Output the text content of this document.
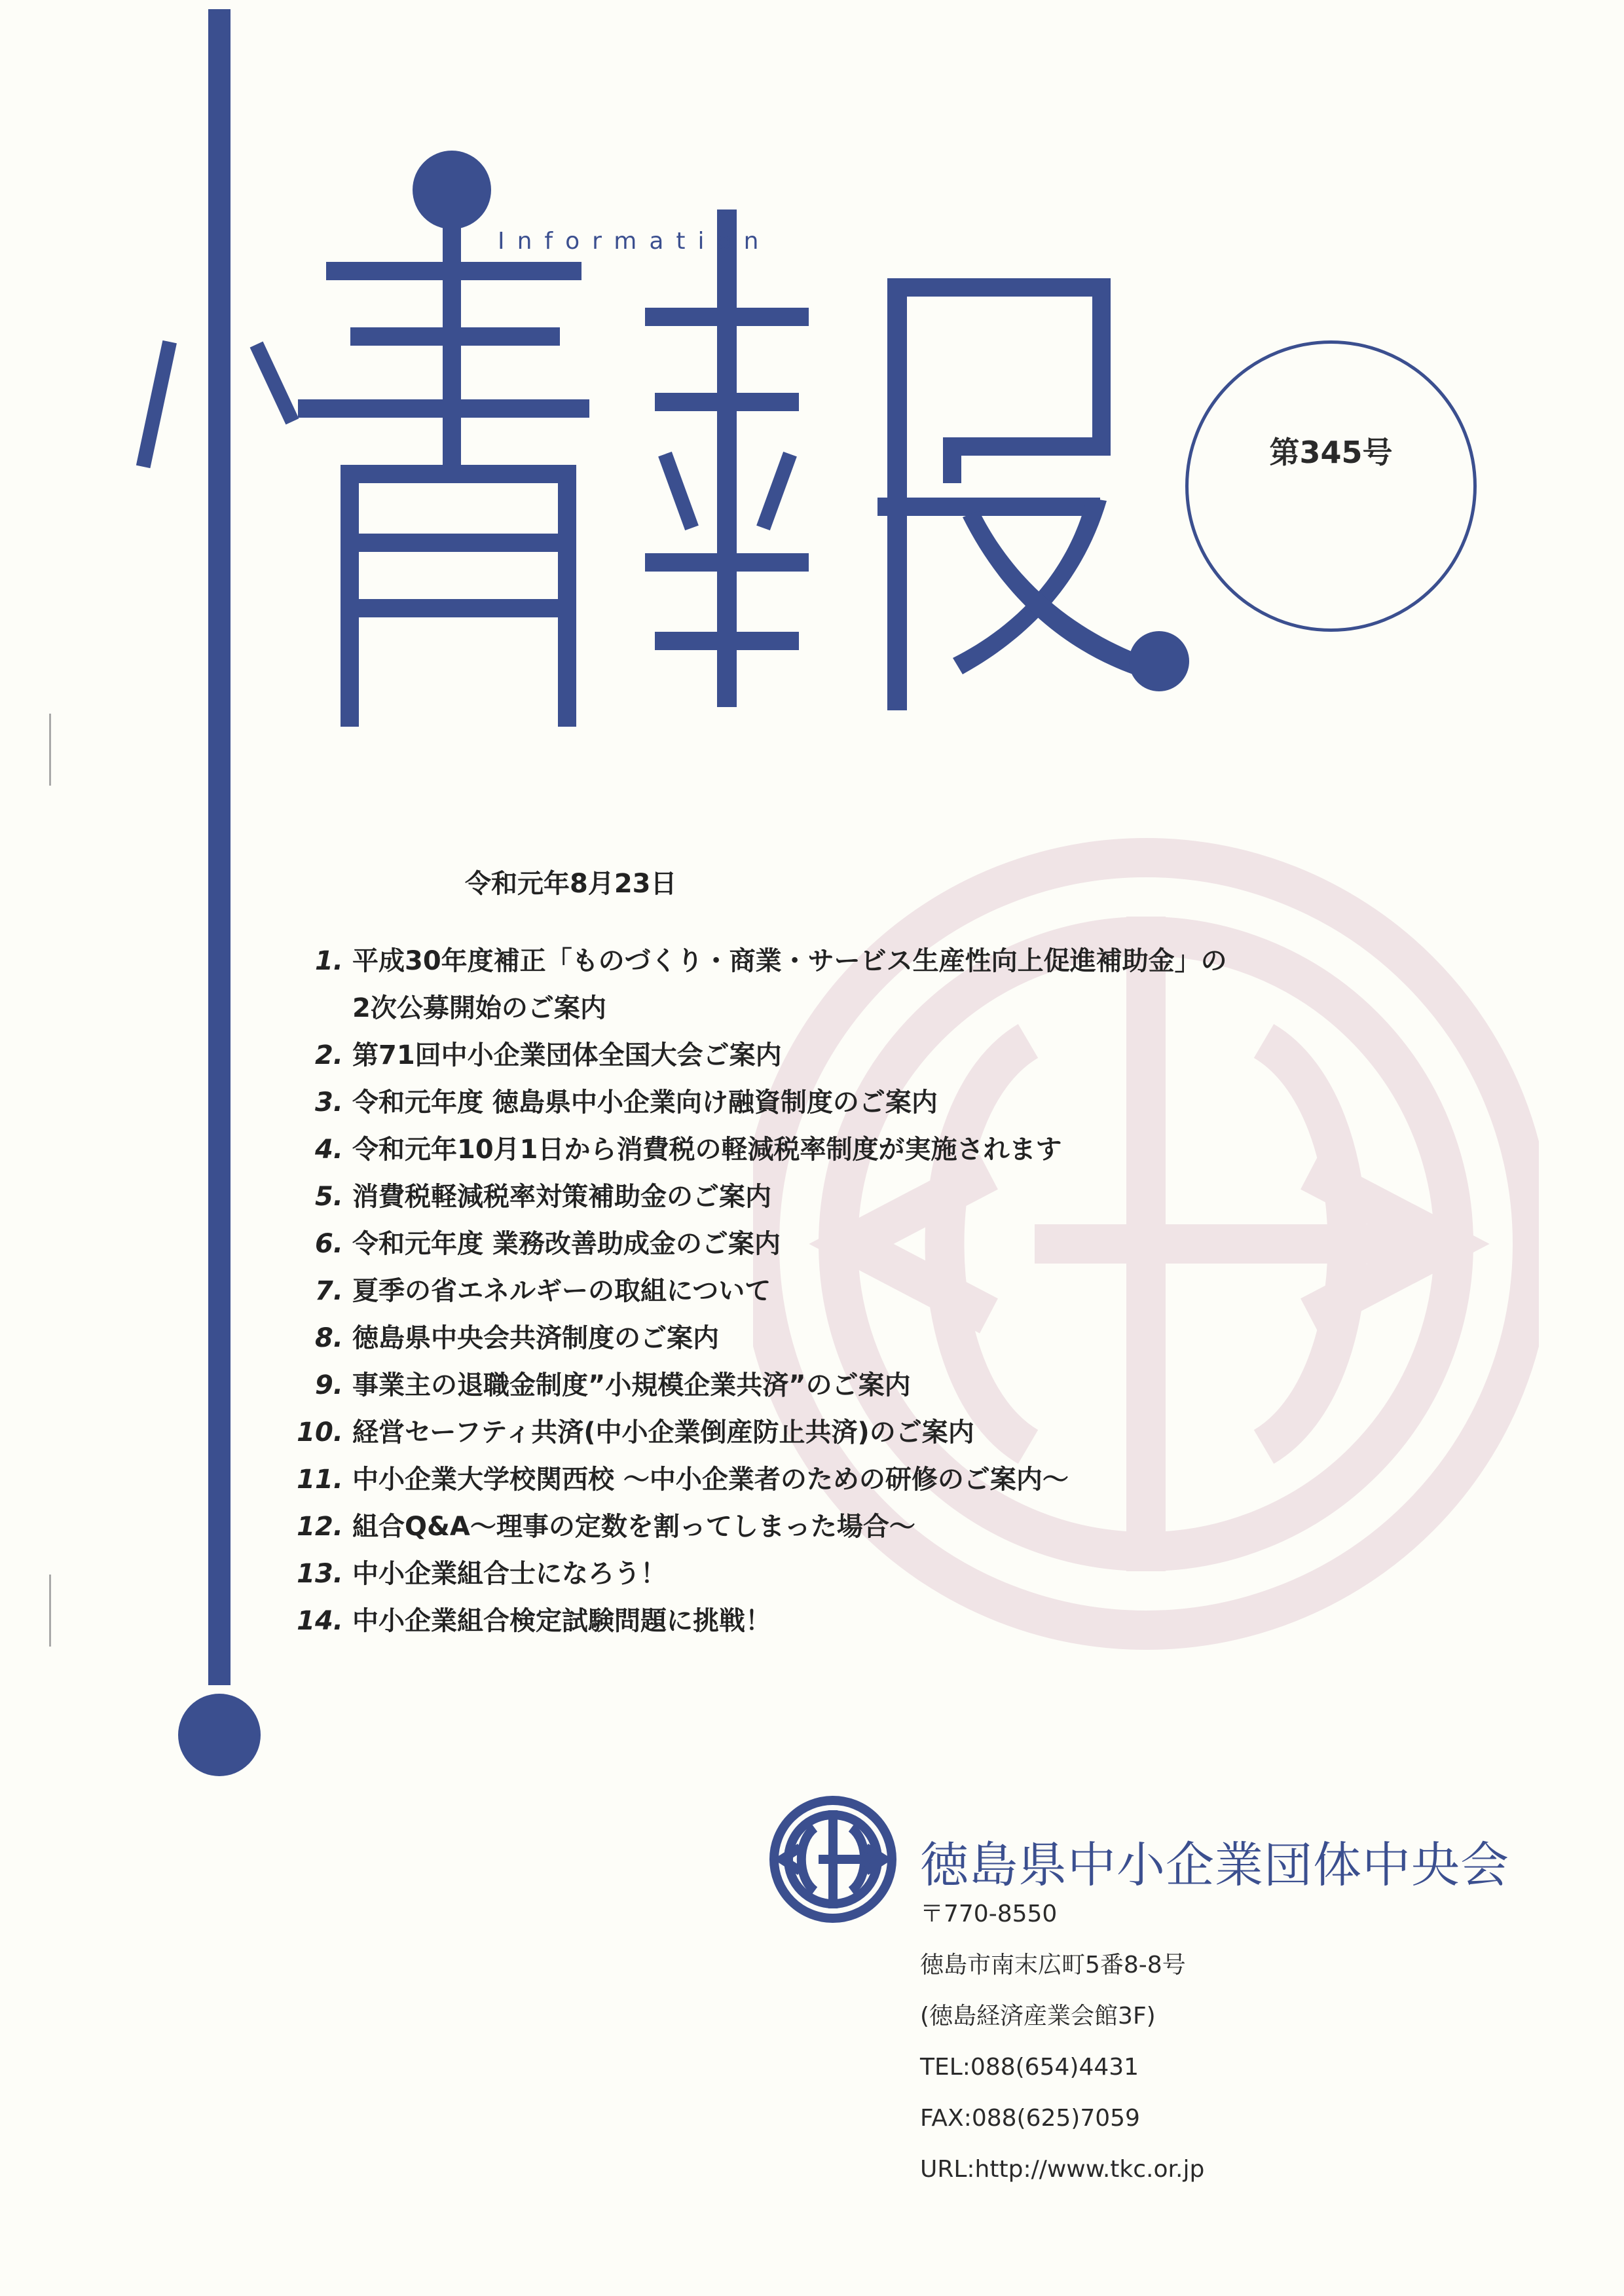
Information
第345号
令和元年8月23日
1. 平成30年度補正「ものづくり・商業・サービス生産性向上促進補助金」の
2次公募開始のご案内
2. 第71回中小企業団体全国大会ご案内
3. 令和元年度 徳島県中小企業向け融資制度のご案内
4. 令和元年10月1日から消費税の軽減税率制度が実施されます
5. 消費税軽減税率対策補助金のご案内
6. 令和元年度 業務改善助成金のご案内
7. 夏季の省エネルギーの取組について
8. 徳島県中央会共済制度のご案内
9. 事業主の退職金制度”小規模企業共済”のご案内
10. 経営セーフティ共済(中小企業倒産防止共済)のご案内
11. 中小企業大学校関西校 ～中小企業者のための研修のご案内～
12. 組合Q&A～理事の定数を割ってしまった場合～
13. 中小企業組合士になろう！
14. 中小企業組合検定試験問題に挑戦！
徳島県中小企業団体中央会
〒770-8550
徳島市南末広町5番8-8号
(徳島経済産業会館3F)
TEL:088(654)4431
FAX:088(625)7059
URL:http://www.tkc.or.jp
